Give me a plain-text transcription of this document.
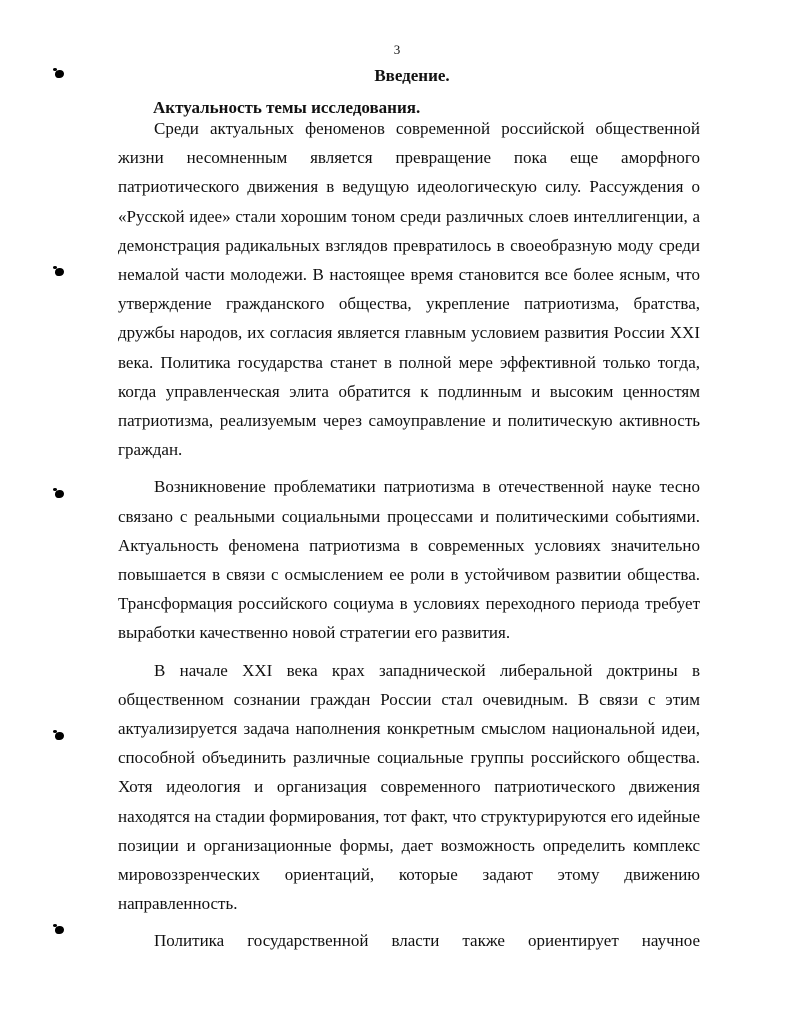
3
Введение.
Актуальность темы исследования.

Среди актуальных феноменов современной российской общественной жизни несомненным является превращение пока еще аморфного патриотического движения в ведущую идеологическую силу. Рассуждения о «Русской идее» стали хорошим тоном среди различных слоев интеллигенции, а демонстрация радикальных взглядов превратилось в своеобразную моду среди немалой части молодежи. В настоящее время становится все более ясным, что утверждение гражданского общества, укрепление патриотизма, братства, дружбы народов, их согласия является главным условием развития России XXI века. Политика государства станет в полной мере эффективной только тогда, когда управленческая элита обратится к подлинным и высоким ценностям патриотизма, реализуемым через самоуправление и политическую активность граждан.

Возникновение проблематики патриотизма в отечественной науке тесно связано с реальными социальными процессами и политическими событиями. Актуальность феномена патриотизма в современных условиях значительно повышается в связи с осмыслением ее роли в устойчивом развитии общества. Трансформация российского социума в условиях переходного периода требует выработки качественно новой стратегии его развития.

В начале XXI века крах западнической либеральной доктрины в общественном сознании граждан России стал очевидным. В связи с этим актуализируется задача наполнения конкретным смыслом национальной идеи, способной объединить различные социальные группы российского общества. Хотя идеология и организация современного патриотического движения находятся на стадии формирования, тот факт, что структурируются его идейные позиции и организационные формы, дает возможность определить комплекс мировоззренческих ориентаций, которые задают этому движению направленность.

Политика государственной власти также ориентирует научное
